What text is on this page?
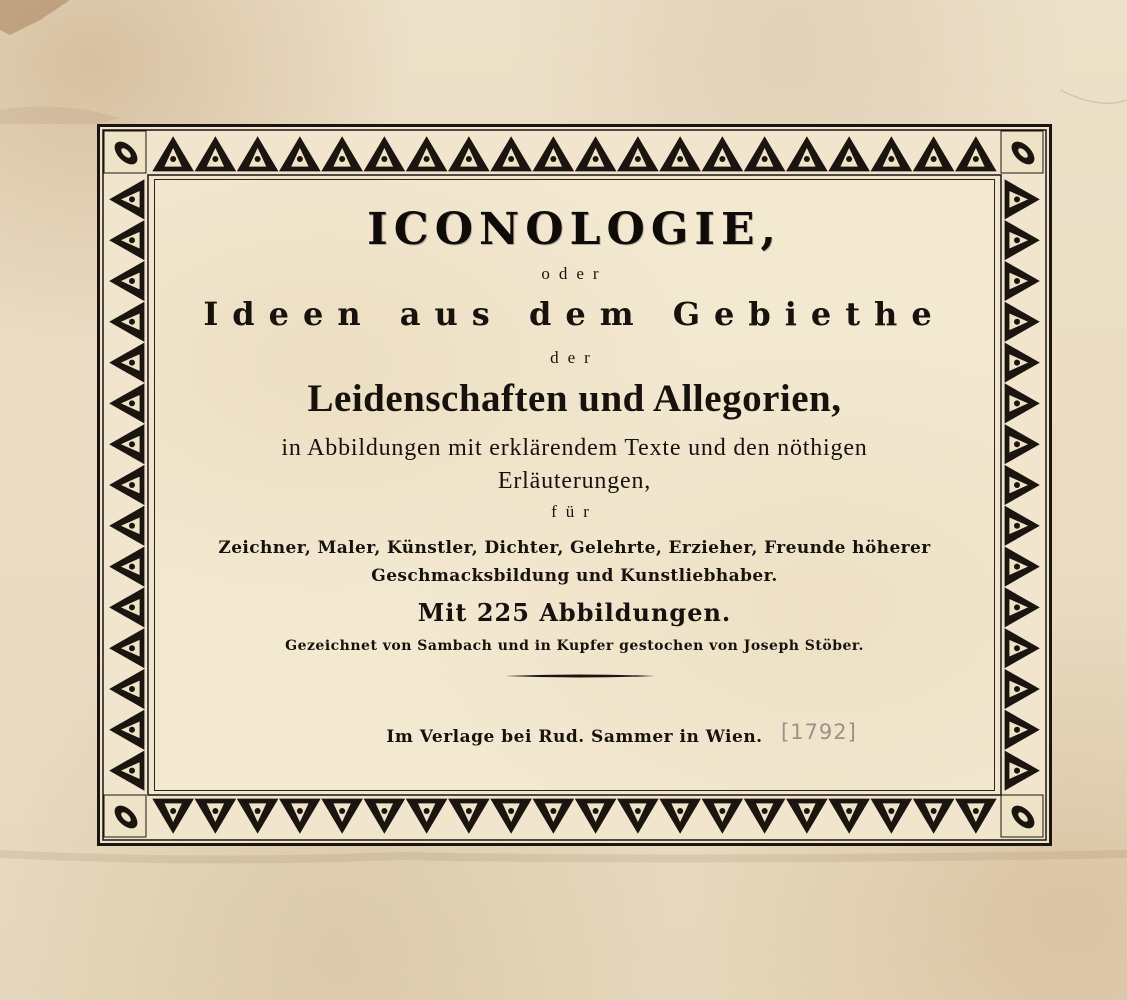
ICONOLOGIE,
oder
Ideen aus dem Gebiethe
der
Leidenschaften und Allegorien,
in Abbildungen mit erklärendem Texte und den nöthigen
Erläuterungen,
für
Zeichner, Maler, Künstler, Dichter, Gelehrte, Erzieher, Freunde höherer
Geschmacksbildung und Kunstliebhaber.
Mit 225 Abbildungen.
Gezeichnet von Sambach und in Kupfer gestochen von Joseph Stöber.
Im Verlage bei Rud. Sammer in Wien. [1792]
